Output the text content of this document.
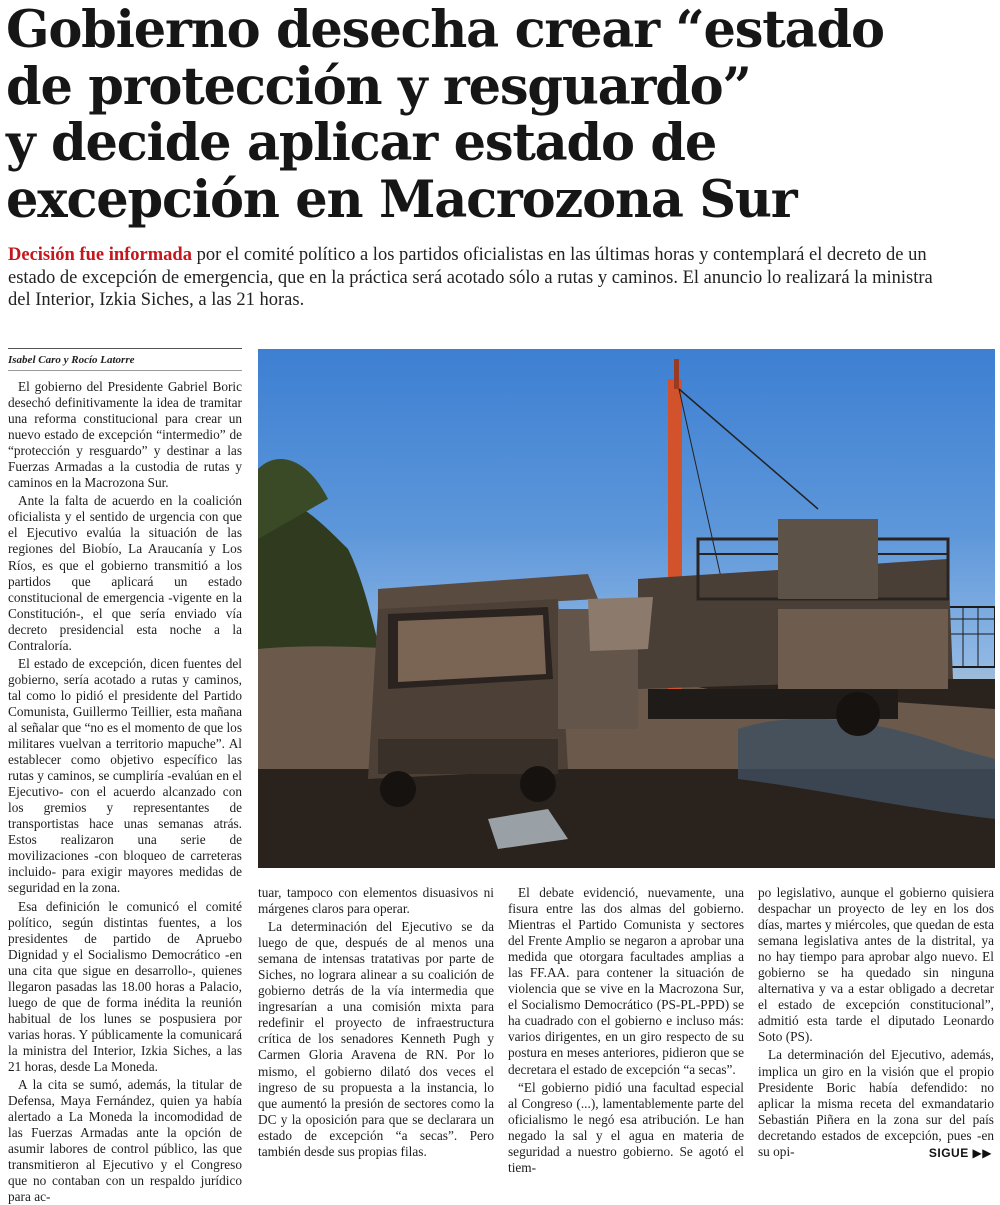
Gobierno desecha crear “estado
de protección y resguardo”
y decide aplicar estado de
excepción en Macrozona Sur

Decisión fue informada por el comité político a los partidos oficialistas en las últimas horas y contemplará el decreto de un estado de excepción de emergencia, que en la práctica será acotado sólo a rutas y caminos. El anuncio lo realizará la ministra del Interior, Izkia Siches, a las 21 horas.

Isabel Caro y Rocío Latorre

El gobierno del Presidente Gabriel Boric desechó definitivamente la idea de tramitar una reforma constitucional para crear un nuevo estado de excepción “intermedio” de “protección y resguardo” y destinar a las Fuerzas Armadas a la custodia de rutas y caminos en la Macrozona Sur.

Ante la falta de acuerdo en la coalición oficialista y el sentido de urgencia con que el Ejecutivo evalúa la situación de las regiones del Biobío, La Araucanía y Los Ríos, es que el gobierno transmitió a los partidos que aplicará un estado constitucional de emergencia -vigente en la Constitución-, el que sería enviado vía decreto presidencial esta noche a la Contraloría.

El estado de excepción, dicen fuentes del gobierno, sería acotado a rutas y caminos, tal como lo pidió el presidente del Partido Comunista, Guillermo Teillier, esta mañana al señalar que “no es el momento de que los militares vuelvan a territorio mapuche”. Al establecer como objetivo específico las rutas y caminos, se cumpliría -evalúan en el Ejecutivo- con el acuerdo alcanzado con los gremios y representantes de transportistas hace unas semanas atrás. Estos realizaron una serie de movilizaciones -con bloqueo de carreteras incluido- para exigir mayores medidas de seguridad en la zona.

Esa definición le comunicó el comité político, según distintas fuentes, a los presidentes de partido de Apruebo Dignidad y el Socialismo Democrático -en una cita que sigue en desarrollo-, quienes llegaron pasadas las 18.00 horas a Palacio, luego de que de forma inédita la reunión habitual de los lunes se pospusiera por varias horas. Y públicamente la comunicará la ministra del Interior, Izkia Siches, a las 21 horas, desde La Moneda.

A la cita se sumó, además, la titular de Defensa, Maya Fernández, quien ya había alertado a La Moneda la incomodidad de las Fuerzas Armadas ante la opción de asumir labores de control público, las que transmitieron al Ejecutivo y el Congreso que no contaban con un respaldo jurídico para ac-

tuar, tampoco con elementos disuasivos ni márgenes claros para operar.

La determinación del Ejecutivo se da luego de que, después de al menos una semana de intensas tratativas por parte de Siches, no lograra alinear a su coalición de gobierno detrás de la vía intermedia que ingresarían a una comisión mixta para redefinir el proyecto de infraestructura crítica de los senadores Kenneth Pugh y Carmen Gloria Aravena de RN. Por lo mismo, el gobierno dilató dos veces el ingreso de su propuesta a la instancia, lo que aumentó la presión de sectores como la DC y la oposición para que se declarara un estado de excepción “a secas”. Pero también desde sus propias filas.

El debate evidenció, nuevamente, una fisura entre las dos almas del gobierno. Mientras el Partido Comunista y sectores del Frente Amplio se negaron a aprobar una medida que otorgara facultades amplias a las FF.AA. para contener la situación de violencia que se vive en la Macrozona Sur, el Socialismo Democrático (PS-PL-PPD) se ha cuadrado con el gobierno e incluso más: varios dirigentes, en un giro respecto de su postura en meses anteriores, pidieron que se decretara el estado de excepción “a secas”.

“El gobierno pidió una facultad especial al Congreso (...), lamentablemente parte del oficialismo le negó esa atribución. Le han negado la sal y el agua en materia de seguridad a nuestro gobierno. Se agotó el tiem-

po legislativo, aunque el gobierno quisiera despachar un proyecto de ley en los dos días, martes y miércoles, que quedan de esta semana legislativa antes de la distrital, ya no hay tiempo para aprobar algo nuevo. El gobierno se ha quedado sin ninguna alternativa y va a estar obligado a decretar el estado de excepción constitucional”, admitió esta tarde el diputado Leonardo Soto (PS).

La determinación del Ejecutivo, además, implica un giro en la visión que el propio Presidente Boric había defendido: no aplicar la misma receta del exmandatario Sebastián Piñera en la zona sur del país decretando estados de excepción, pues -en su opi-	SIGUE ▶▶
